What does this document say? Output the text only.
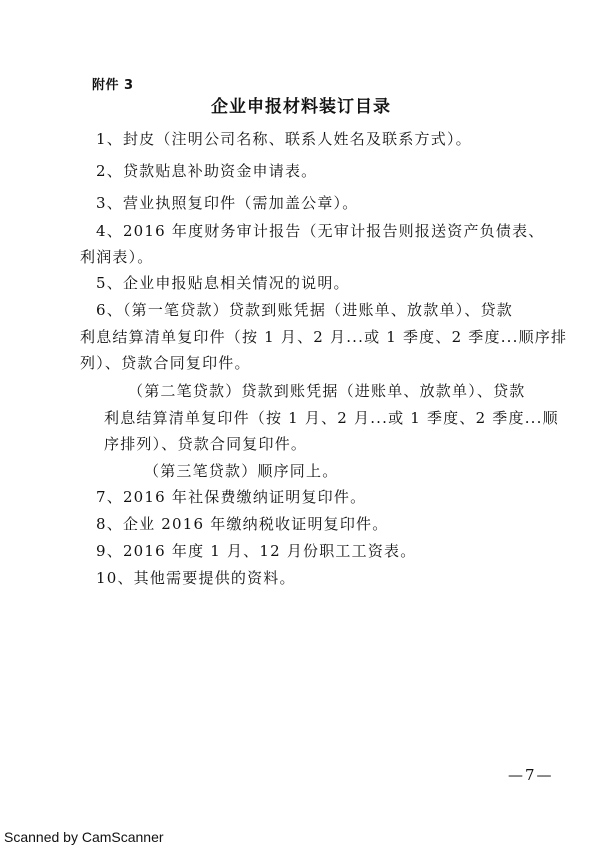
附件 3
企业申报材料装订目录
1、封皮（注明公司名称、联系人姓名及联系方式）。
2、贷款贴息补助资金申请表。
3、营业执照复印件（需加盖公章）。
4、2016 年度财务审计报告（无审计报告则报送资产负债表、
利润表）。
5、企业申报贴息相关情况的说明。
6、（第一笔贷款）贷款到账凭据（进账单、放款单）、贷款
利息结算清单复印件（按 1 月、2 月...或 1 季度、2 季度...顺序排
列）、贷款合同复印件。
（第二笔贷款）贷款到账凭据（进账单、放款单）、贷款
利息结算清单复印件（按 1 月、2 月...或 1 季度、2 季度...顺
序排列）、贷款合同复印件。
（第三笔贷款）顺序同上。
7、2016 年社保费缴纳证明复印件。
8、企业 2016 年缴纳税收证明复印件。
9、2016 年度 1 月、12 月份职工工资表。
10、其他需要提供的资料。
—7—
Scanned by CamScanner
